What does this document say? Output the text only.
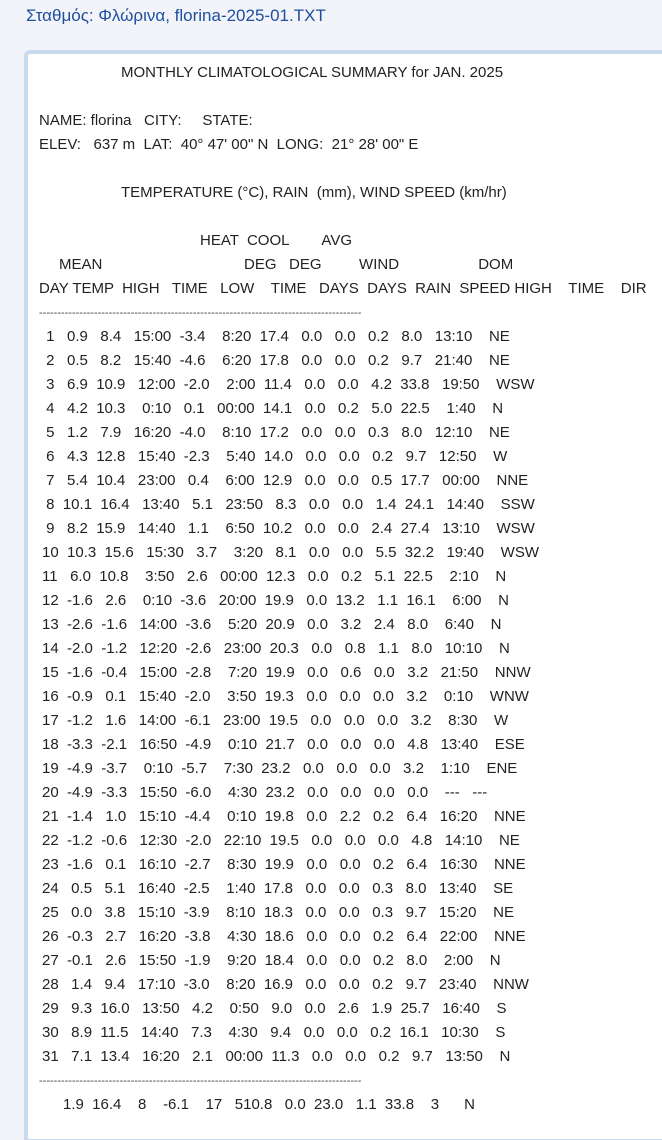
Σταθμός: Φλώρινα, florina-2025-01.TXT
MONTHLY CLIMATOLOGICAL SUMMARY for JAN. 2025
NAME: florina   CITY:     STATE:
ELEV:   637 m  LAT:  40° 47' 00" N  LONG:  21° 28' 00" E
TEMPERATURE (°C), RAIN  (mm), WIND SPEED (km/hr)
HEAT  COOL        AVG
MEAN                                  DEG   DEG         WIND                   DOM
DAY TEMP  HIGH   TIME   LOW    TIME   DAYS  DAYS  RAIN  SPEED HIGH    TIME    DIR
----------------------------------------------------------------------------------------
1   0.9   8.4   15:00  -3.4    8:20  17.4   0.0   0.0   0.2   8.0   13:10    NE
2   0.5   8.2   15:40  -4.6    6:20  17.8   0.0   0.0   0.2   9.7   21:40    NE
3   6.9  10.9   12:00  -2.0    2:00  11.4   0.0   0.0   4.2  33.8   19:50    WSW
4   4.2  10.3    0:10   0.1   00:00  14.1   0.0   0.2   5.0  22.5    1:40    N
5   1.2   7.9   16:20  -4.0    8:10  17.2   0.0   0.0   0.3   8.0   12:10    NE
6   4.3  12.8   15:40  -2.3    5:40  14.0   0.0   0.0   0.2   9.7   12:50    W
7   5.4  10.4   23:00   0.4    6:00  12.9   0.0   0.0   0.5  17.7   00:00    NNE
8  10.1  16.4   13:40   5.1   23:50   8.3   0.0   0.0   1.4  24.1   14:40    SSW
9   8.2  15.9   14:40   1.1    6:50  10.2   0.0   0.0   2.4  27.4   13:10    WSW
10  10.3  15.6   15:30   3.7    3:20   8.1   0.0   0.0   5.5  32.2   19:40    WSW
11   6.0  10.8    3:50   2.6   00:00  12.3   0.0   0.2   5.1  22.5    2:10    N
12  -1.6   2.6    0:10  -3.6   20:00  19.9   0.0  13.2   1.1  16.1    6:00    N
13  -2.6  -1.6   14:00  -3.6    5:20  20.9   0.0   3.2   2.4   8.0    6:40    N
14  -2.0  -1.2   12:20  -2.6   23:00  20.3   0.0   0.8   1.1   8.0   10:10    N
15  -1.6  -0.4   15:00  -2.8    7:20  19.9   0.0   0.6   0.0   3.2   21:50    NNW
16  -0.9   0.1   15:40  -2.0    3:50  19.3   0.0   0.0   0.0   3.2    0:10    WNW
17  -1.2   1.6   14:00  -6.1   23:00  19.5   0.0   0.0   0.0   3.2    8:30    W
18  -3.3  -2.1   16:50  -4.9    0:10  21.7   0.0   0.0   0.0   4.8   13:40    ESE
19  -4.9  -3.7    0:10  -5.7    7:30  23.2   0.0   0.0   0.0   3.2    1:10    ENE
20  -4.9  -3.3   15:50  -6.0    4:30  23.2   0.0   0.0   0.0   0.0    ---   ---
21  -1.4   1.0   15:10  -4.4    0:10  19.8   0.0   2.2   0.2   6.4   16:20    NNE
22  -1.2  -0.6   12:30  -2.0   22:10  19.5   0.0   0.0   0.0   4.8   14:10    NE
23  -1.6   0.1   16:10  -2.7    8:30  19.9   0.0   0.0   0.2   6.4   16:30    NNE
24   0.5   5.1   16:40  -2.5    1:40  17.8   0.0   0.0   0.3   8.0   13:40    SE
25   0.0   3.8   15:10  -3.9    8:10  18.3   0.0   0.0   0.3   9.7   15:20    NE
26  -0.3   2.7   16:20  -3.8    4:30  18.6   0.0   0.0   0.2   6.4   22:00    NNE
27  -0.1   2.6   15:50  -1.9    9:20  18.4   0.0   0.0   0.2   8.0    2:00    N
28   1.4   9.4   17:10  -3.0    8:20  16.9   0.0   0.0   0.2   9.7   23:40    NNW
29   9.3  16.0   13:50   4.2    0:50   9.0   0.0   2.6   1.9  25.7   16:40    S
30   8.9  11.5   14:40   7.3    4:30   9.4   0.0   0.0   0.2  16.1   10:30    S
31   7.1  13.4   16:20   2.1   00:00  11.3   0.0   0.0   0.2   9.7   13:50    N
----------------------------------------------------------------------------------------
1.9  16.4    8    -6.1    17   510.8   0.0  23.0   1.1  33.8    3      N
